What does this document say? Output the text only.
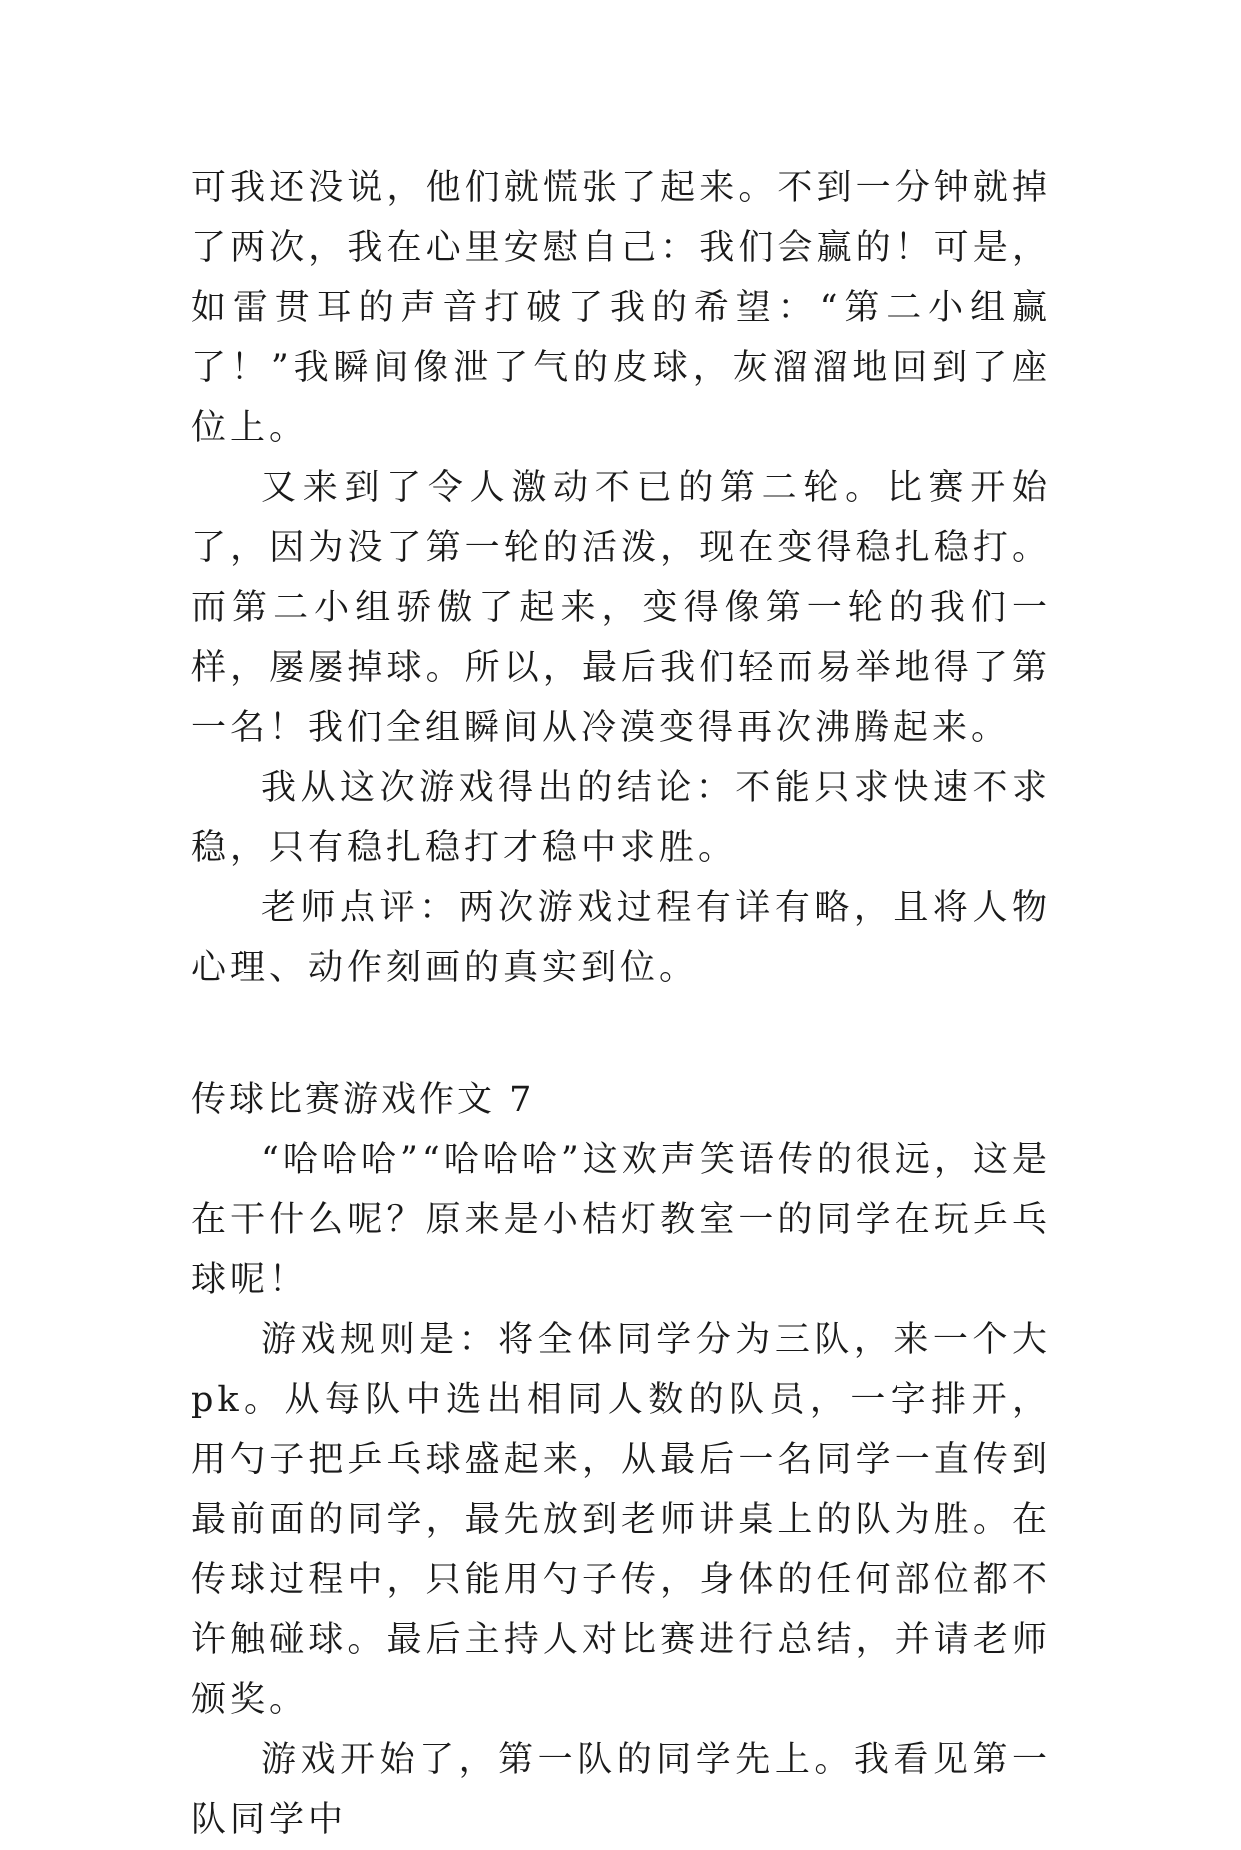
可我还没说，他们就慌张了起来。不到一分钟就掉了两次，我在心里安慰自己：我们会赢的！可是，如雷贯耳的声音打破了我的希望：“第二小组赢了！”我瞬间像泄了气的皮球，灰溜溜地回到了座位上。

又来到了令人激动不已的第二轮。比赛开始了，因为没了第一轮的活泼，现在变得稳扎稳打。而第二小组骄傲了起来，变得像第一轮的我们一样，屡屡掉球。所以，最后我们轻而易举地得了第一名！我们全组瞬间从冷漠变得再次沸腾起来。

我从这次游戏得出的结论：不能只求快速不求稳，只有稳扎稳打才稳中求胜。

老师点评：两次游戏过程有详有略，且将人物心理、动作刻画的真实到位。

传球比赛游戏作文 7

“哈哈哈”“哈哈哈”这欢声笑语传的很远，这是在干什么呢？原来是小桔灯教室一的同学在玩乒乓球呢！

游戏规则是：将全体同学分为三队，来一个大 pk。从每队中选出相同人数的队员，一字排开，用勺子把乒乓球盛起来，从最后一名同学一直传到最前面的同学，最先放到老师讲桌上的队为胜。在传球过程中，只能用勺子传，身体的任何部位都不许触碰球。最后主持人对比赛进行总结，并请老师颁奖。

游戏开始了，第一队的同学先上。我看见第一队同学中
